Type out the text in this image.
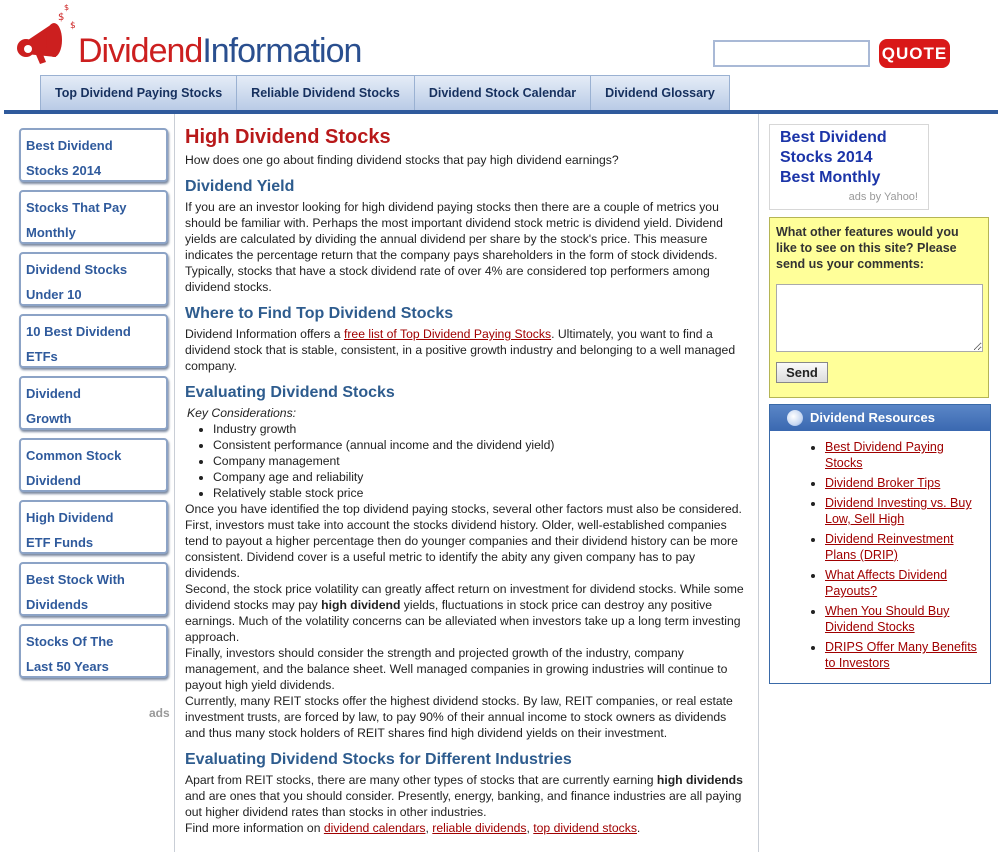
$
$
$
DividendInformation	QUOTE
Top Dividend Paying Stocks	Reliable Dividend Stocks	Dividend Stock Calendar	Dividend Glossary
Best Dividend
Stocks 2014
Stocks That Pay
Monthly
Dividend Stocks
Under 10
10 Best Dividend
ETFs
Dividend
Growth
Common Stock
Dividend
High Dividend
ETF Funds
Best Stock With
Dividends
Stocks Of The
Last 50 Years
ads
High Dividend Stocks

How does one go about finding dividend stocks that pay high dividend earnings?

Dividend Yield

If you are an investor looking for high dividend paying stocks then there are a couple of metrics you should be familiar with. Perhaps the most important dividend stock metric is dividend yield. Dividend yields are calculated by dividing the annual dividend per share by the stock's price. This measure indicates the percentage return that the company pays shareholders in the form of stock dividends. Typically, stocks that have a stock dividend rate of over 4% are considered top performers among dividend stocks.

Where to Find Top Dividend Stocks

Dividend Information offers a free list of Top Dividend Paying Stocks. Ultimately, you want to find a dividend stock that is stable, consistent, in a positive growth industry and belonging to a well managed company.

Evaluating Dividend Stocks

Key Considerations:

• Industry growth
• Consistent performance (annual income and the dividend yield)
• Company management
• Company age and reliability
• Relatively stable stock price

Once you have identified the top dividend paying stocks, several other factors must also be considered. First, investors must take into account the stocks dividend history. Older, well-established companies tend to payout a higher percentage then do younger companies and their dividend history can be more consistent. Dividend cover is a useful metric to identify the abity any given company has to pay dividends.

Second, the stock price volatility can greatly affect return on investment for dividend stocks. While some dividend stocks may pay high dividend yields, fluctuations in stock price can destroy any positive earnings. Much of the volatility concerns can be alleviated when investors take up a long term investing approach.

Finally, investors should consider the strength and projected growth of the industry, company management, and the balance sheet. Well managed companies in growing industries will continue to payout high yield dividends.

Currently, many REIT stocks offer the highest dividend stocks. By law, REIT companies, or real estate investment trusts, are forced by law, to pay 90% of their annual income to stock owners as dividends and thus many stock holders of REIT shares find high dividend yields on their investment.

Evaluating Dividend Stocks for Different Industries

Apart from REIT stocks, there are many other types of stocks that are currently earning high dividends and are ones that you should consider. Presently, energy, banking, and finance industries are all paying out higher dividend rates than stocks in other industries.

Find more information on dividend calendars, reliable dividends, top dividend stocks.

Best Dividend
Stocks 2014
Best Monthly
ads by Yahoo!
What other features would you like to see on this site? Please send us your comments:
Send
Dividend Resources
• Best Dividend Paying Stocks
• Dividend Broker Tips
• Dividend Investing vs. Buy Low, Sell High
• Dividend Reinvestment Plans (DRIP)
• What Affects Dividend Payouts?
• When You Should Buy Dividend Stocks
• DRIPS Offer Many Benefits to Investors
